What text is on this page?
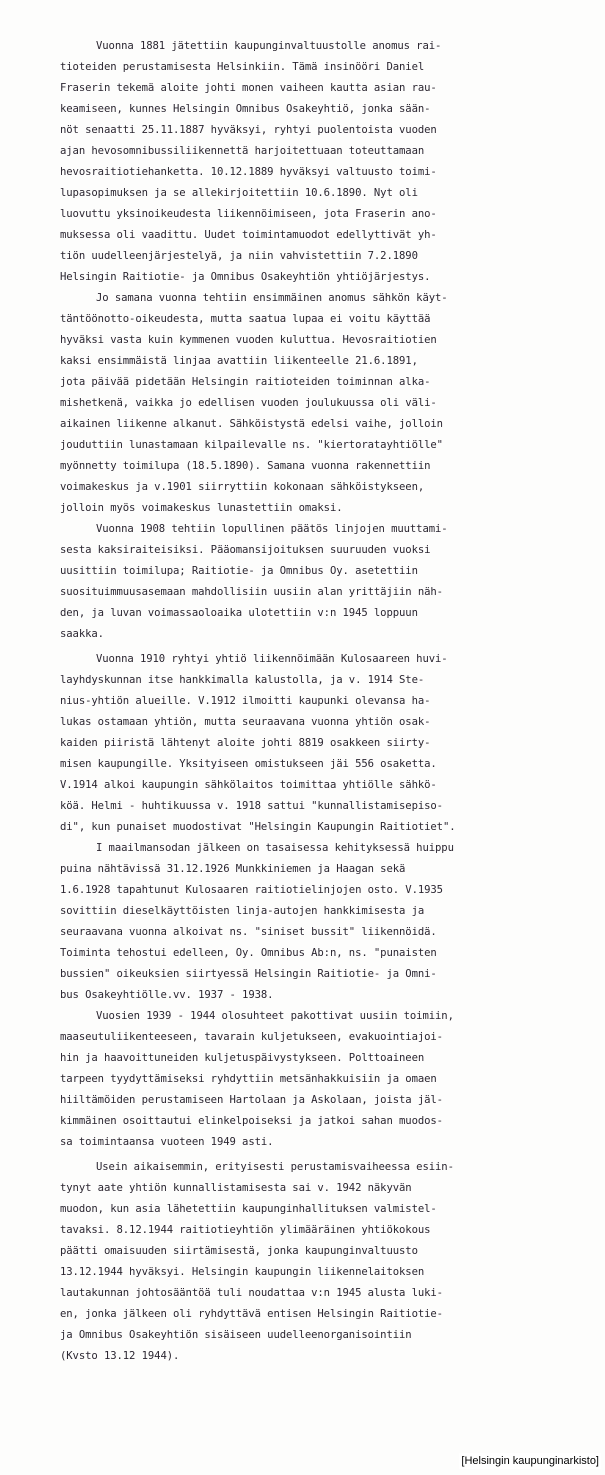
Vuonna 1881 jätettiin kaupunginvaltuustolle anomus rai-
tioteiden perustamisesta Helsinkiin. Tämä insinööri Daniel
Fraserin tekemä aloite johti monen vaiheen kautta asian rau-
keamiseen, kunnes Helsingin Omnibus Osakeyhtiö, jonka sään-
nöt senaatti 25.11.1887 hyväksyi, ryhtyi puolentoista vuoden
ajan hevosomnibussiliikennettä harjoitettuaan toteuttamaan
hevosraitiotiehanketta. 10.12.1889 hyväksyi valtuusto toimi-
lupasopimuksen ja se allekirjoitettiin 10.6.1890. Nyt oli
luovuttu yksinoikeudesta liikennöimiseen, jota Fraserin ano-
muksessa oli vaadittu. Uudet toimintamuodot edellyttivät yh-
tiön uudelleenjärjestelyä, ja niin vahvistettiin 7.2.1890
Helsingin Raitiotie- ja Omnibus Osakeyhtiön yhtiöjärjestys.
Jo samana vuonna tehtiin ensimmäinen anomus sähkön käyt-
täntöönotto-oikeudesta, mutta saatua lupaa ei voitu käyttää
hyväksi vasta kuin kymmenen vuoden kuluttua. Hevosraitiotien
kaksi ensimmäistä linjaa avattiin liikenteelle 21.6.1891,
jota päivää pidetään Helsingin raitioteiden toiminnan alka-
mishetkenä, vaikka jo edellisen vuoden joulukuussa oli väli-
aikainen liikenne alkanut. Sähköistystä edelsi vaihe, jolloin
jouduttiin lunastamaan kilpailevalle ns. "kiertoratayhtiölle"
myönnetty toimilupa (18.5.1890). Samana vuonna rakennettiin
voimakeskus ja v.1901 siirryttiin kokonaan sähköistykseen,
jolloin myös voimakeskus lunastettiin omaksi.
Vuonna 1908 tehtiin lopullinen päätös linjojen muuttami-
sesta kaksiraiteisiksi. Pääomansijoituksen suuruuden vuoksi
uusittiin toimilupa; Raitiotie- ja Omnibus Oy. asetettiin
suosituimmuusasemaan mahdollisiin uusiin alan yrittäjiin näh-
den, ja luvan voimassaoloaika ulotettiin v:n 1945 loppuun
saakka.
Vuonna 1910 ryhtyi yhtiö liikennöimään Kulosaareen huvi-
layhdyskunnan itse hankkimalla kalustolla, ja v. 1914 Ste-
nius-yhtiön alueille. V.1912 ilmoitti kaupunki olevansa ha-
lukas ostamaan yhtiön, mutta seuraavana vuonna yhtiön osak-
kaiden piiristä lähtenyt aloite johti 8819 osakkeen siirty-
misen kaupungille. Yksityiseen omistukseen jäi 556 osaketta.
V.1914 alkoi kaupungin sähkölaitos toimittaa yhtiölle sähkö-
köä. Helmi - huhtikuussa v. 1918 sattui "kunnallistamisepiso-
di", kun punaiset muodostivat "Helsingin Kaupungin Raitiotiet".
I maailmansodan jälkeen on tasaisessa kehityksessä huippu
puina nähtävissä 31.12.1926 Munkkiniemen ja Haagan sekä
1.6.1928 tapahtunut Kulosaaren raitiotielinjojen osto. V.1935
sovittiin dieselkäyttöisten linja-autojen hankkimisesta ja
seuraavana vuonna alkoivat ns. "siniset bussit" liikennöidä.
Toiminta tehostui edelleen, Oy. Omnibus Ab:n, ns. "punaisten
bussien" oikeuksien siirtyessä Helsingin Raitiotie- ja Omni-
bus Osakeyhtiölle.vv. 1937 - 1938.
Vuosien 1939 - 1944 olosuhteet pakottivat uusiin toimiin,
maaseutuliikenteeseen, tavarain kuljetukseen, evakuointiajoi-
hin ja haavoittuneiden kuljetuspäivystykseen. Polttoaineen
tarpeen tyydyttämiseksi ryhdyttiin metsänhakkuisiin ja omaen
hiiltämöiden perustamiseen Hartolaan ja Askolaan, joista jäl-
kimmäinen osoittautui elinkelpoiseksi ja jatkoi sahan muodos-
sa toimintaansa vuoteen 1949 asti.
Usein aikaisemmin, erityisesti perustamisvaiheessa esiin-
tynyt aate yhtiön kunnallistamisesta sai v. 1942 näkyvän
muodon, kun asia lähetettiin kaupunginhallituksen valmistel-
tavaksi. 8.12.1944 raitiotieyhtiön ylimääräinen yhtiökokous
päätti omaisuuden siirtämisestä, jonka kaupunginvaltuusto
13.12.1944 hyväksyi. Helsingin kaupungin liikennelaitoksen
lautakunnan johtosääntöä tuli noudattaa v:n 1945 alusta luki-
en, jonka jälkeen oli ryhdyttävä entisen Helsingin Raitiotie-
ja Omnibus Osakeyhtiön sisäiseen uudelleenorganisointiin
(Kvsto 13.12 1944).
[Helsingin kaupunginarkisto]
